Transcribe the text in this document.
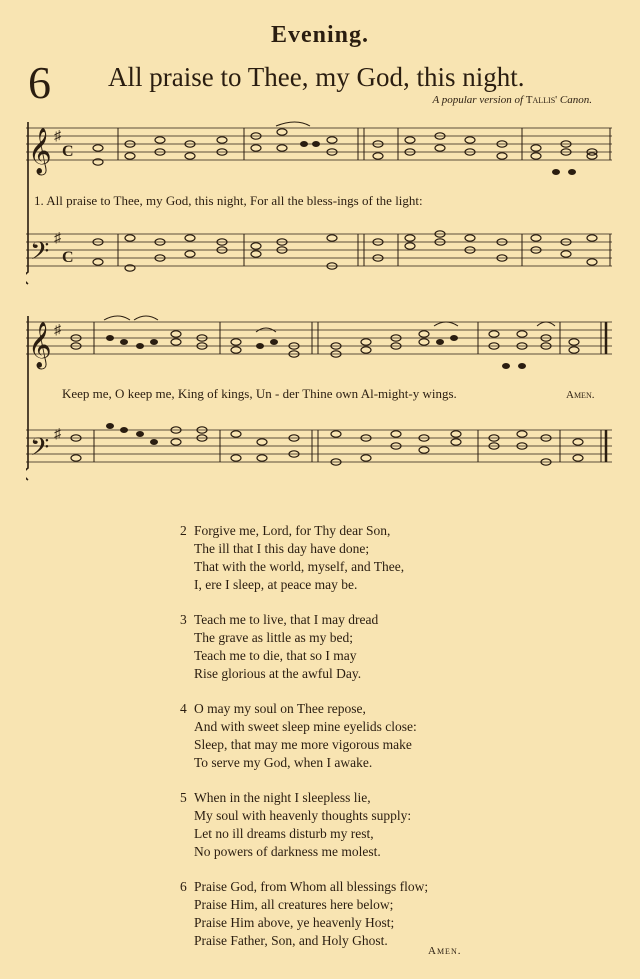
Evening.
6 All praise to Thee, my God, this night.
A popular version of Tallis' Canon.
𝄞
𝄢
♯
♯
C
C
1. All praise to Thee, my God, this night, For all the bless-ings of the light:
𝄞
𝄢
♯
♯
Keep me, O keep me, King of kings, Un - der Thine own Al-might-y wings.	Amen.
2 Forgive me, Lord, for Thy dear Son,
The ill that I this day have done;
That with the world, myself, and Thee,
I, ere I sleep, at peace may be.
3 Teach me to live, that I may dread
The grave as little as my bed;
Teach me to die, that so I may
Rise glorious at the awful Day.
4 O may my soul on Thee repose,
And with sweet sleep mine eyelids close:
Sleep, that may me more vigorous make
To serve my God, when I awake.
5 When in the night I sleepless lie,
My soul with heavenly thoughts supply:
Let no ill dreams disturb my rest,
No powers of darkness me molest.
6 Praise God, from Whom all blessings flow;
Praise Him, all creatures here below;
Praise Him above, ye heavenly Host;
Praise Father, Son, and Holy Ghost.
Amen.
